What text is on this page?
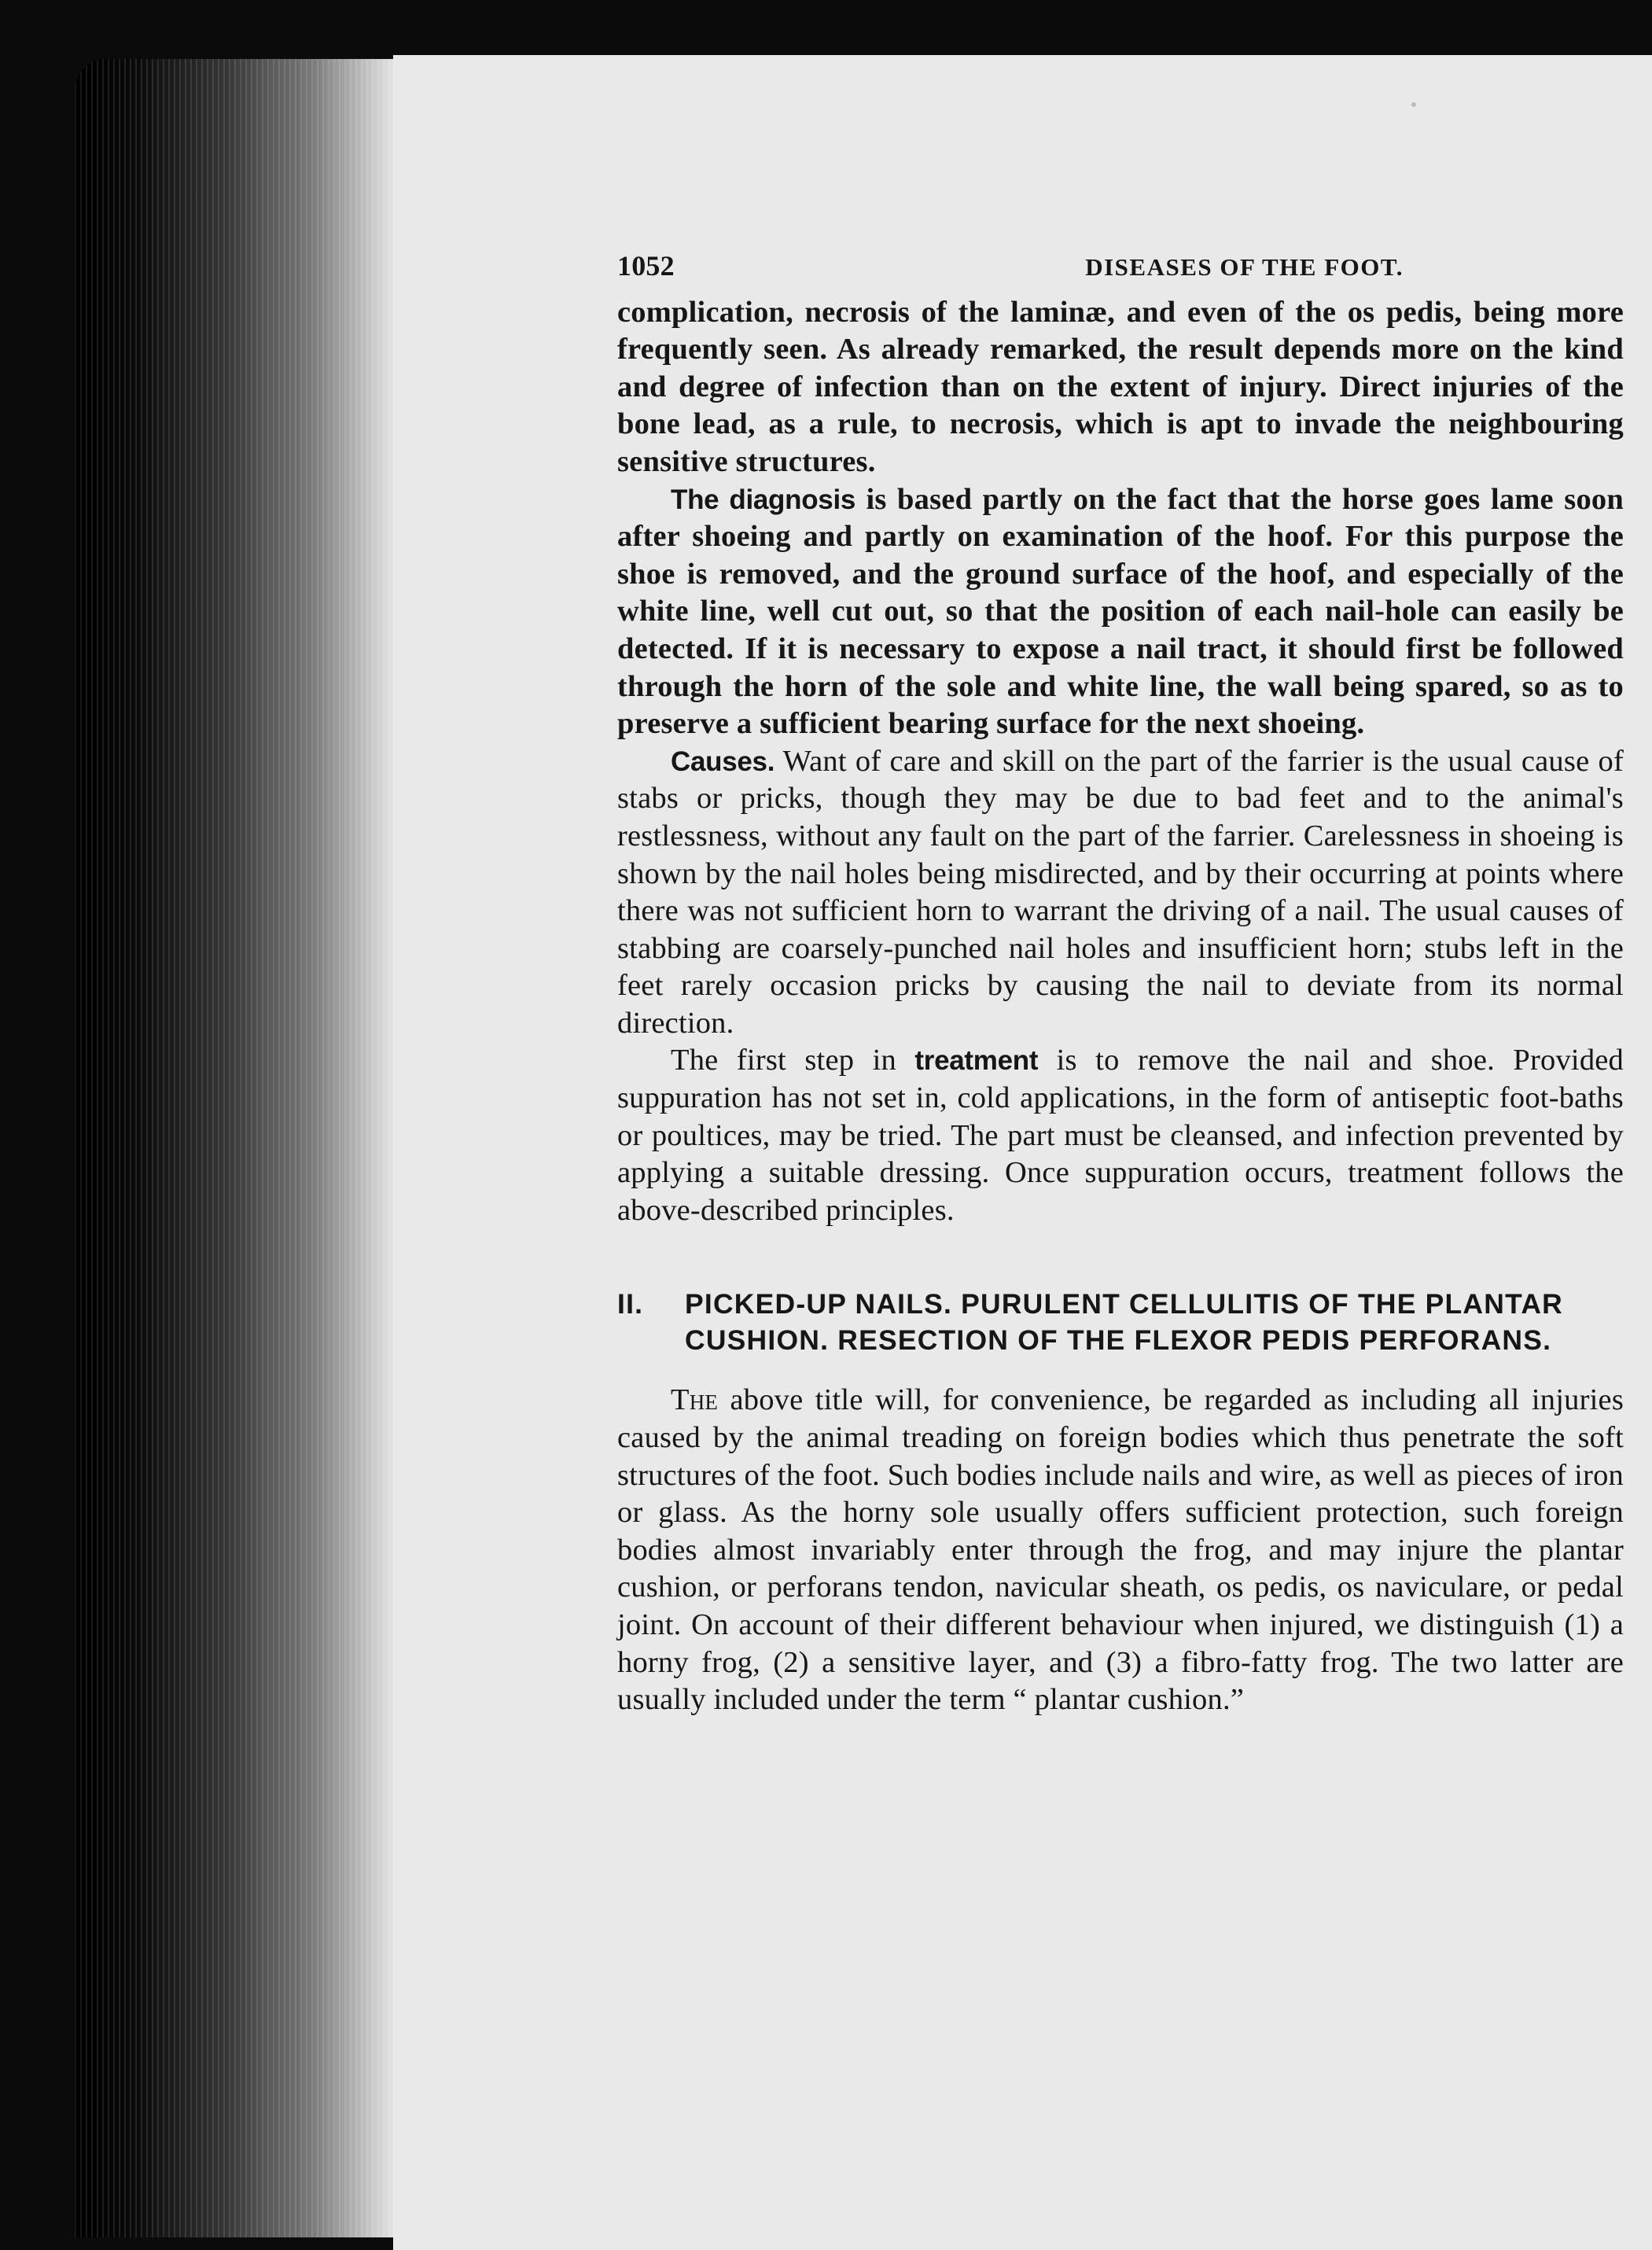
1052	DISEASES OF THE FOOT.

complication, necrosis of the laminæ, and even of the os pedis, being more frequently seen. As already remarked, the result depends more on the kind and degree of infection than on the extent of injury. Direct injuries of the bone lead, as a rule, to necrosis, which is apt to invade the neighbouring sensitive structures.

The diagnosis is based partly on the fact that the horse goes lame soon after shoeing and partly on examination of the hoof. For this purpose the shoe is removed, and the ground surface of the hoof, and especially of the white line, well cut out, so that the position of each nail-hole can easily be detected. If it is necessary to expose a nail tract, it should first be followed through the horn of the sole and white line, the wall being spared, so as to preserve a sufficient bearing surface for the next shoeing.

Causes. Want of care and skill on the part of the farrier is the usual cause of stabs or pricks, though they may be due to bad feet and to the animal's restlessness, without any fault on the part of the farrier. Carelessness in shoeing is shown by the nail holes being misdirected, and by their occurring at points where there was not sufficient horn to warrant the driving of a nail. The usual causes of stabbing are coarsely-punched nail holes and insufficient horn; stubs left in the feet rarely occasion pricks by causing the nail to deviate from its normal direction.

The first step in treatment is to remove the nail and shoe. Provided suppuration has not set in, cold applications, in the form of antiseptic foot-baths or poultices, may be tried. The part must be cleansed, and infection prevented by applying a suitable dressing. Once suppuration occurs, treatment follows the above-described principles.

II. PICKED-UP NAILS. PURULENT CELLULITIS OF THE PLANTAR
CUSHION. RESECTION OF THE FLEXOR PEDIS PERFORANS.

The above title will, for convenience, be regarded as including all injuries caused by the animal treading on foreign bodies which thus penetrate the soft structures of the foot. Such bodies include nails and wire, as well as pieces of iron or glass. As the horny sole usually offers sufficient protection, such foreign bodies almost invariably enter through the frog, and may injure the plantar cushion, or perforans tendon, navicular sheath, os pedis, os naviculare, or pedal joint. On account of their different behaviour when injured, we distinguish (1) a horny frog, (2) a sensitive layer, and (3) a fibro-fatty frog. The two latter are usually included under the term “ plantar cushion.”
